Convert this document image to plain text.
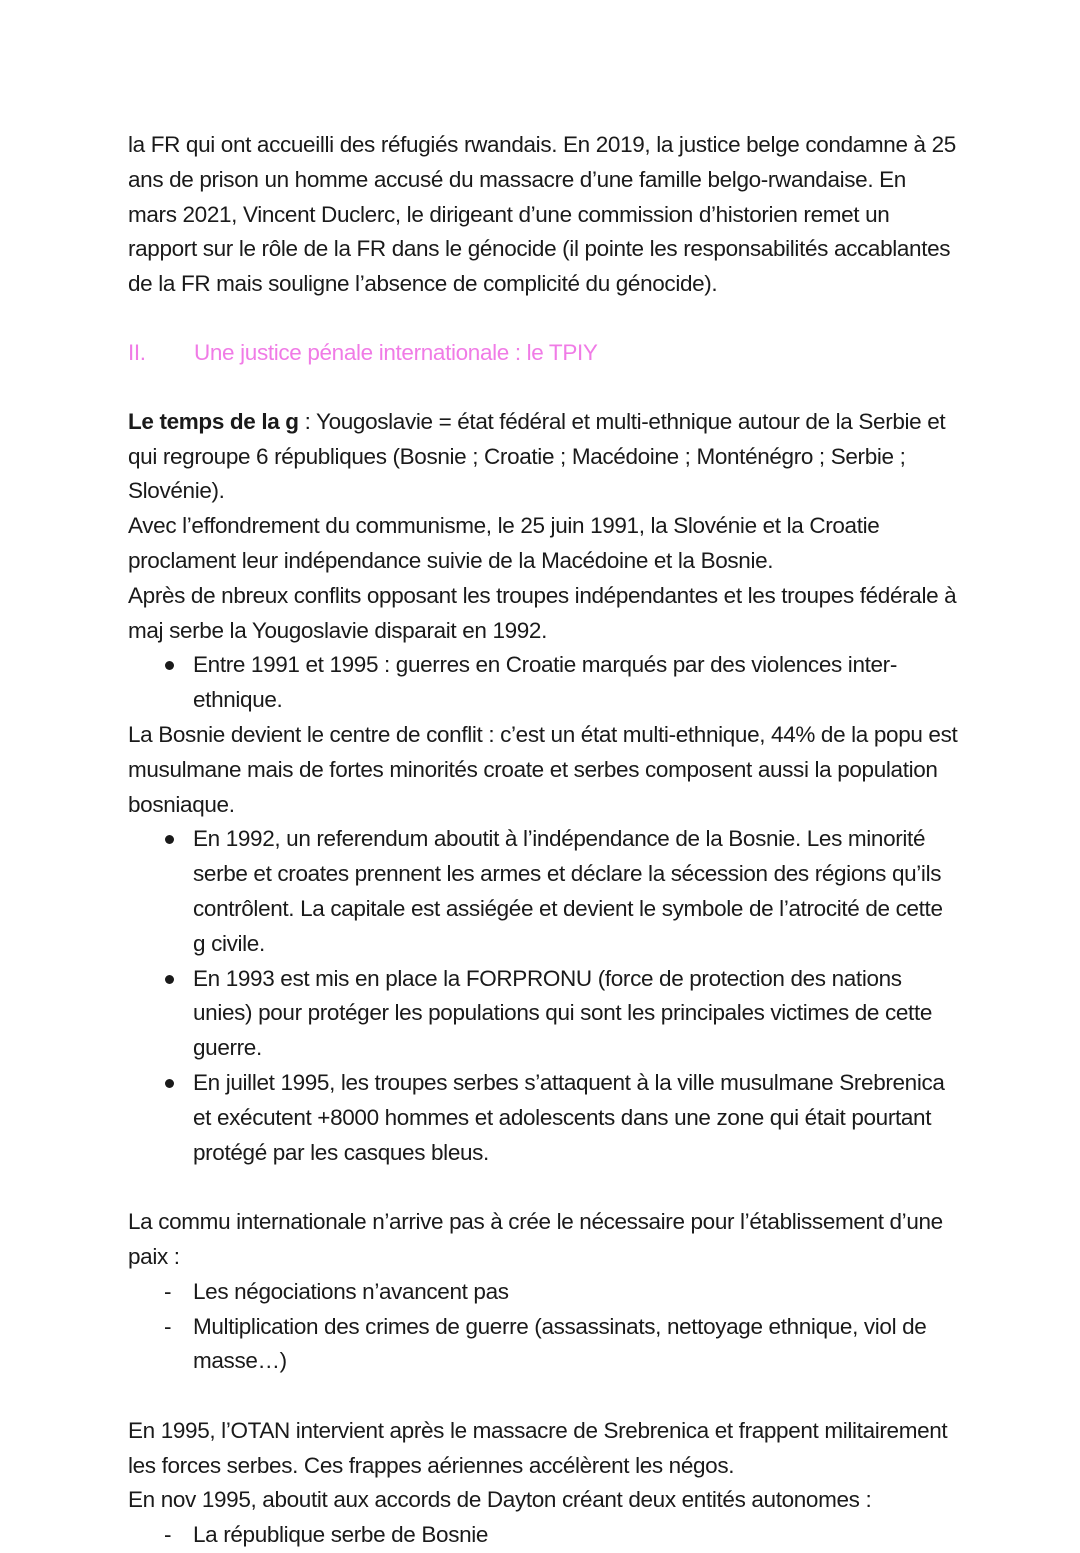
la FR qui ont accueilli des réfugiés rwandais. En 2019, la justice belge condamne à 25 ans de prison un homme accusé du massacre d’une famille belgo-rwandaise. En mars 2021, Vincent Duclerc, le dirigeant d’une commission d’historien remet un rapport sur le rôle de la FR dans le génocide (il pointe les responsabilités accablantes de la FR mais souligne l’absence de complicité du génocide).

II.	Une justice pénale internationale : le TPIY

Le temps de la g : Yougoslavie = état fédéral et multi-ethnique autour de la Serbie et qui regroupe 6 républiques (Bosnie ; Croatie ; Macédoine ; Monténégro ; Serbie ; Slovénie).

Avec l’effondrement du communisme, le 25 juin 1991, la Slovénie et la Croatie proclament leur indépendance suivie de la Macédoine et la Bosnie.

Après de nbreux conflits opposant les troupes indépendantes et les troupes fédérale à maj serbe la Yougoslavie disparait en 1992.

Entre 1991 et 1995 : guerres en Croatie marqués par des violences inter-ethnique.

La Bosnie devient le centre de conflit : c’est un état multi-ethnique, 44% de la popu est musulmane mais de fortes minorités croate et serbes composent aussi la population bosniaque.

En 1992, un referendum aboutit à l’indépendance de la Bosnie. Les minorité serbe et croates prennent les armes et déclare la sécession des régions qu’ils contrôlent. La capitale est assiégée et devient le symbole de l’atrocité de cette g civile.
En 1993 est mis en place la FORPRONU (force de protection des nations unies) pour protéger les populations qui sont les principales victimes de cette guerre.
En juillet 1995, les troupes serbes s’attaquent à la ville musulmane Srebrenica et exécutent +8000 hommes et adolescents dans une zone qui était pourtant protégé par les casques bleus.

La commu internationale n’arrive pas à crée le nécessaire pour l’établissement d’une paix :

- Les négociations n’avancent pas
- Multiplication des crimes de guerre (assassinats, nettoyage ethnique, viol de masse…)

En 1995, l’OTAN intervient après le massacre de Srebrenica et frappent militairement les forces serbes. Ces frappes aériennes accélèrent les négos.

En nov 1995, aboutit aux accords de Dayton créant deux entités autonomes :

- La république serbe de Bosnie
